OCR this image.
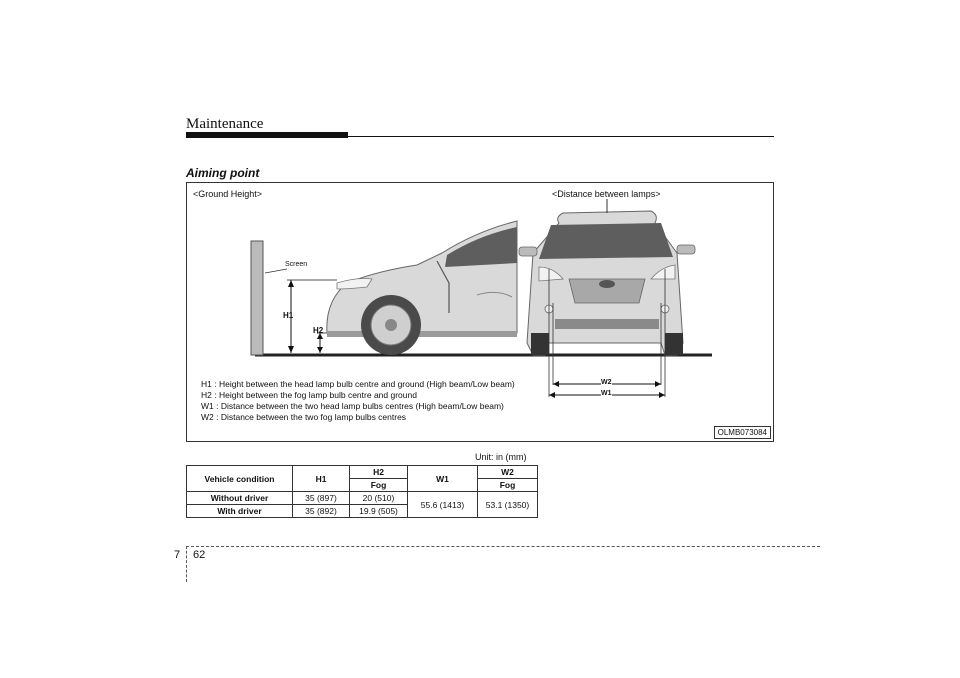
Maintenance
Aiming point
<Ground Height>	<Distance between lamps>
Screen
H1
H2
W2
W1
H1 : Height between the head lamp bulb centre and ground (High beam/Low beam)
H2 : Height between the fog lamp bulb centre and ground
W1 : Distance between the two head lamp bulbs centres (High beam/Low beam)
W2 : Distance between the two fog lamp bulbs centres
OLMB073084
Unit: in (mm)
Vehicle condition	H1	H2	W1	W2
		Fog		Fog
Without driver	35 (897)	20 (510)	55.6 (1413)	53.1 (1350)
With driver	35 (892)	19.9 (505)		
7 62
